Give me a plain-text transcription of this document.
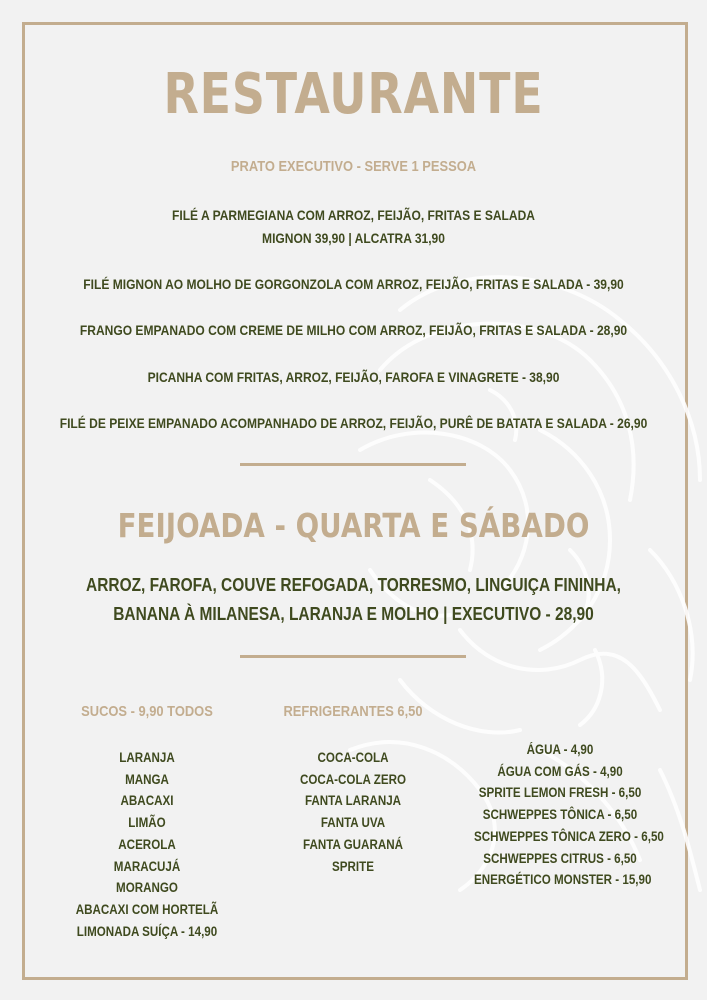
RESTAURANTE
PRATO EXECUTIVO - SERVE 1 PESSOA
FILÉ A PARMEGIANA COM ARROZ, FEIJÃO, FRITAS E SALADA
MIGNON 39,90 | ALCATRA 31,90
FILÉ MIGNON AO MOLHO DE GORGONZOLA COM ARROZ, FEIJÃO, FRITAS E SALADA - 39,90
FRANGO EMPANADO COM CREME DE MILHO COM ARROZ, FEIJÃO, FRITAS E SALADA - 28,90
PICANHA COM FRITAS, ARROZ, FEIJÃO, FAROFA E VINAGRETE - 38,90
FILÉ DE PEIXE EMPANADO ACOMPANHADO DE ARROZ, FEIJÃO, PURÊ DE BATATA E SALADA - 26,90
FEIJOADA - QUARTA E SÁBADO
ARROZ, FAROFA, COUVE REFOGADA, TORRESMO, LINGUIÇA FININHA,
BANANA À MILANESA, LARANJA E MOLHO | EXECUTIVO - 28,90
SUCOS - 9,90 TODOS	REFRIGERANTES 6,50
LARANJA
MANGA
ABACAXI
LIMÃO
ACEROLA
MARACUJÁ
MORANGO
ABACAXI COM HORTELÃ
LIMONADA SUÍÇA - 14,90
COCA-COLA
COCA-COLA ZERO
FANTA LARANJA
FANTA UVA
FANTA GUARANÁ
SPRITE
ÁGUA - 4,90
ÁGUA COM GÁS - 4,90
SPRITE LEMON FRESH - 6,50
SCHWEPPES TÔNICA - 6,50
SCHWEPPES TÔNICA ZERO - 6,50
SCHWEPPES CITRUS - 6,50
ENERGÉTICO MONSTER - 15,90
